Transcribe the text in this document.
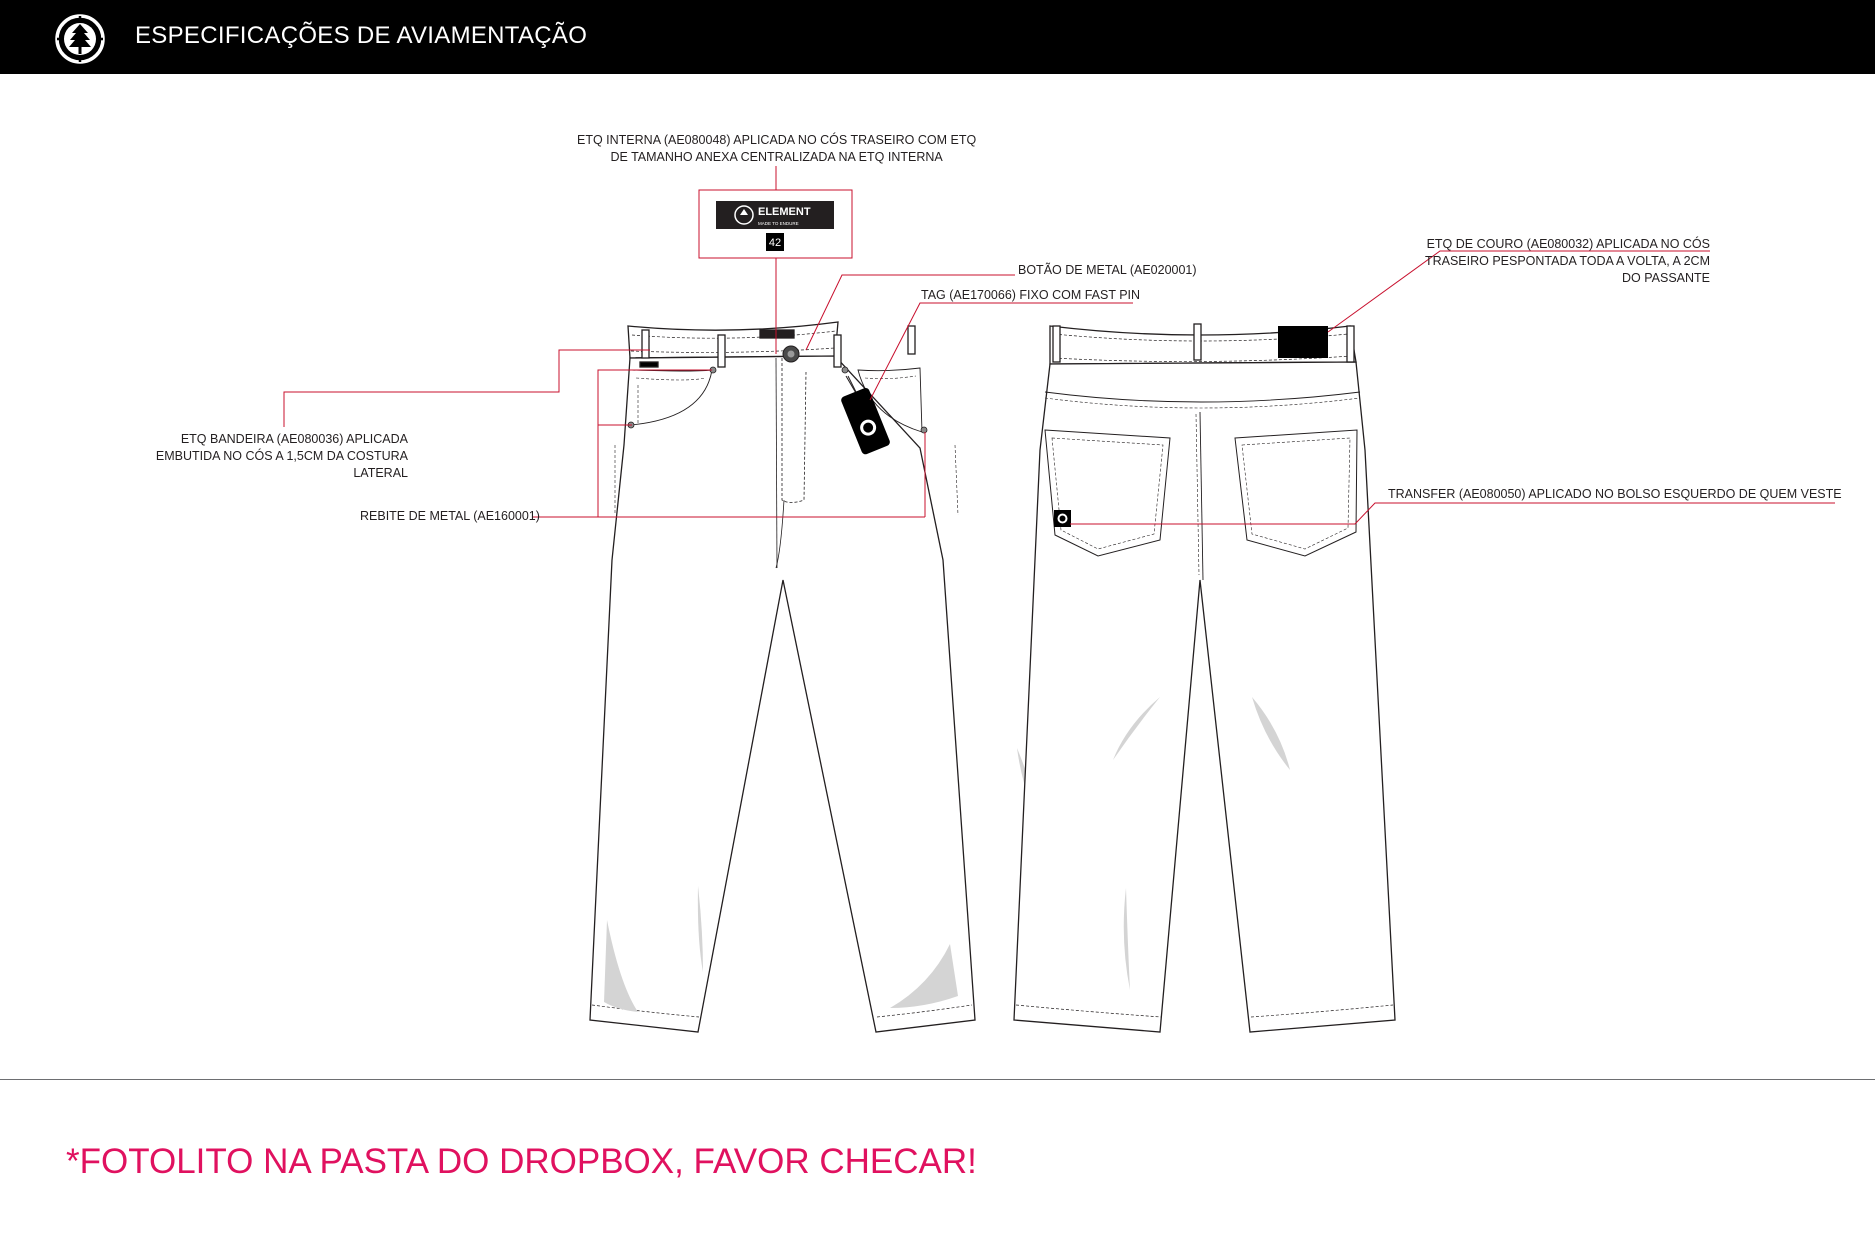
ESPECIFICAÇÕES DE AVIAMENTAÇÃO
ELEMENT
MADE TO ENDURE
42
ETQ INTERNA (AE080048) APLICADA NO CÓS TRASEIRO COM ETQ
DE TAMANHO ANEXA CENTRALIZADA NA ETQ INTERNA
BOTÃO DE METAL (AE020001)
TAG (AE170066) FIXO COM FAST PIN
ETQ BANDEIRA (AE080036) APLICADA
EMBUTIDA NO CÓS A 1,5CM DA COSTURA
LATERAL
REBITE DE METAL (AE160001)
ETQ DE COURO (AE080032) APLICADA NO CÓS
TRASEIRO PESPONTADA TODA A VOLTA, A 2CM
DO PASSANTE
TRANSFER (AE080050) APLICADO NO BOLSO ESQUERDO DE QUEM VESTE
*FOTOLITO NA PASTA DO DROPBOX, FAVOR CHECAR!
